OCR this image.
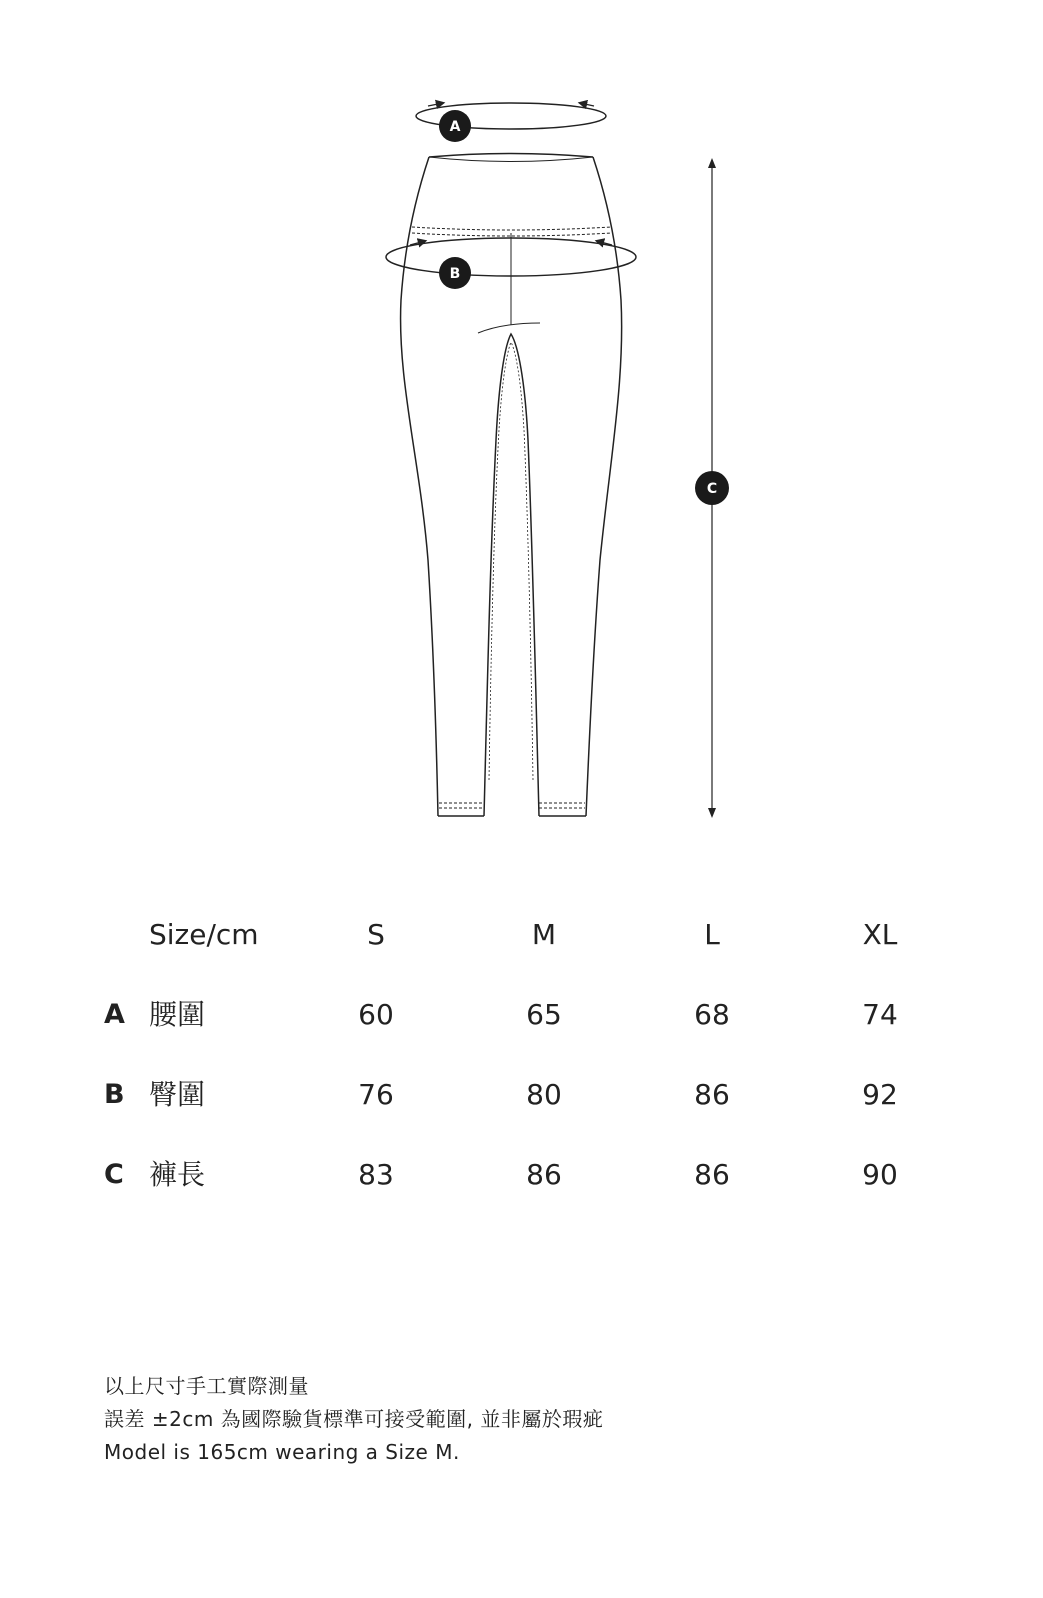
A
B
C
Size/cm	S	M	L	XL
A 腰圍	60	65	68	74
B 臀圍	76	80	86	92
C 褲長	83	86	86	90
以上尺寸手工實際測量
誤差 ±2cm 為國際驗貨標準可接受範圍, 並非屬於瑕疵
Model is 165cm wearing a Size M.
